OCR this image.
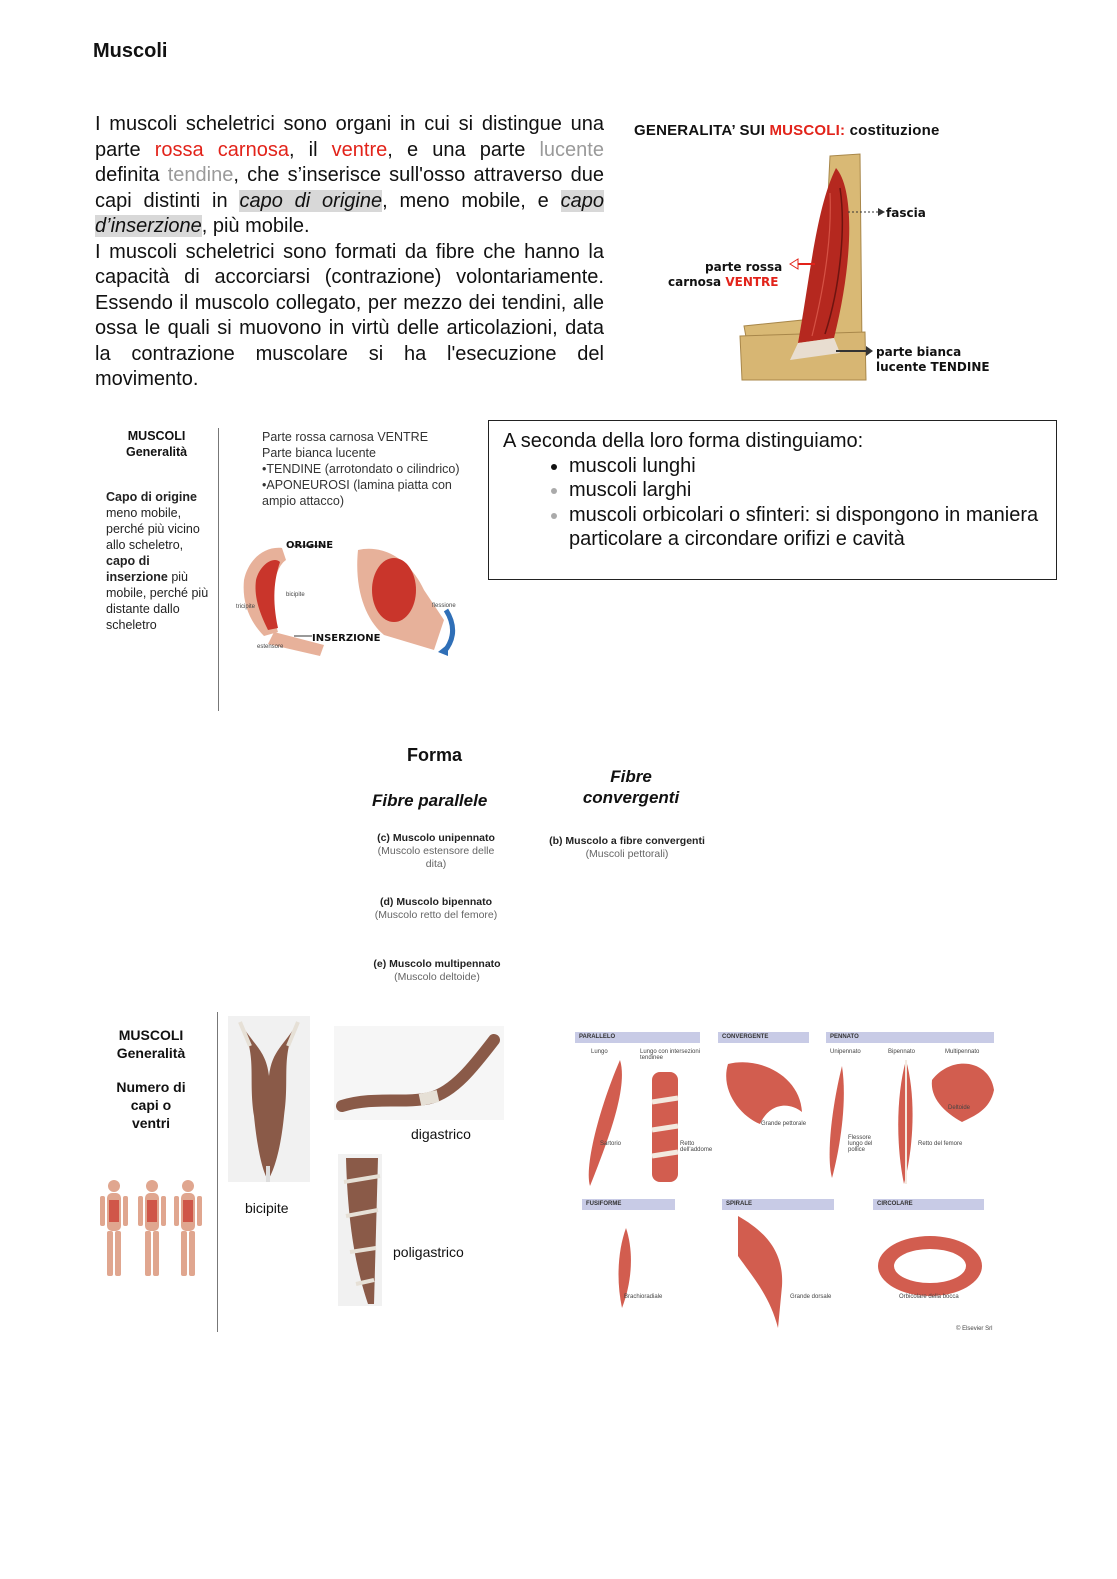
Muscoli

I muscoli scheletrici sono organi in cui si distingue una parte rossa carnosa, il ventre, e una parte lucente definita tendine, che s’inserisce sull'osso attraverso due capi distinti in capo di origine, meno mobile, e capo d’inserzione, più mobile.

I muscoli scheletrici sono formati da fibre che hanno la capacità di accorciarsi (contrazione) volontariamente. Essendo il muscolo collegato, per mezzo dei tendini, alle ossa le quali si muovono in virtù delle articolazioni, data la contrazione muscolare si ha l'esecuzione del movimento.

GENERALITA’ SUI MUSCOLI: costituzione
fascia
parte rossa
carnosa VENTRE
parte bianca
lucente TENDINE
MUSCOLI
Generalità
Capo di origine
meno mobile, perché più vicino allo scheletro,
capo di inserzione più mobile, perché più distante dallo scheletro
Parte rossa carnosa VENTRE
Parte bianca lucente
•TENDINE (arrotondato o cilindrico)
•APONEUROSI (lamina piatta con ampio attacco)
ORIGINE
INSERZIONE
bicipite
tricipite
estensore
flessione
A seconda della loro forma distinguiamo:
• muscoli lunghi
• muscoli larghi
• muscoli orbicolari o sfinteri: si dispongono in maniera particolare a circondare orifizi e cavità
Forma
Fibre parallele
Fibre
convergenti
(c) Muscolo unipennato
(Muscolo estensore delle dita)
(d) Muscolo bipennato
(Muscolo retto del femore)
(e) Muscolo multipennato
(Muscolo deltoide)
(b) Muscolo a fibre convergenti
(Muscoli pettorali)
MUSCOLI
Generalità
Numero di
capi o ventri
bicipite
digastrico
poligastrico
PARALLELO	CONVERGENTE	PENNATO
FUSIFORME	SPIRALE	CIRCOLARE
Lungo	Lungo con intersezioni tendinee
Sartorio	Retto dell'addome
Grande pettorale
Unipennato	Bipennato	Multipennato
Deltoide
Flessore lungo del pollice
Retto del femore
Brachioradiale	Grande dorsale	Orbicolare della bocca
© Elsevier Srl
